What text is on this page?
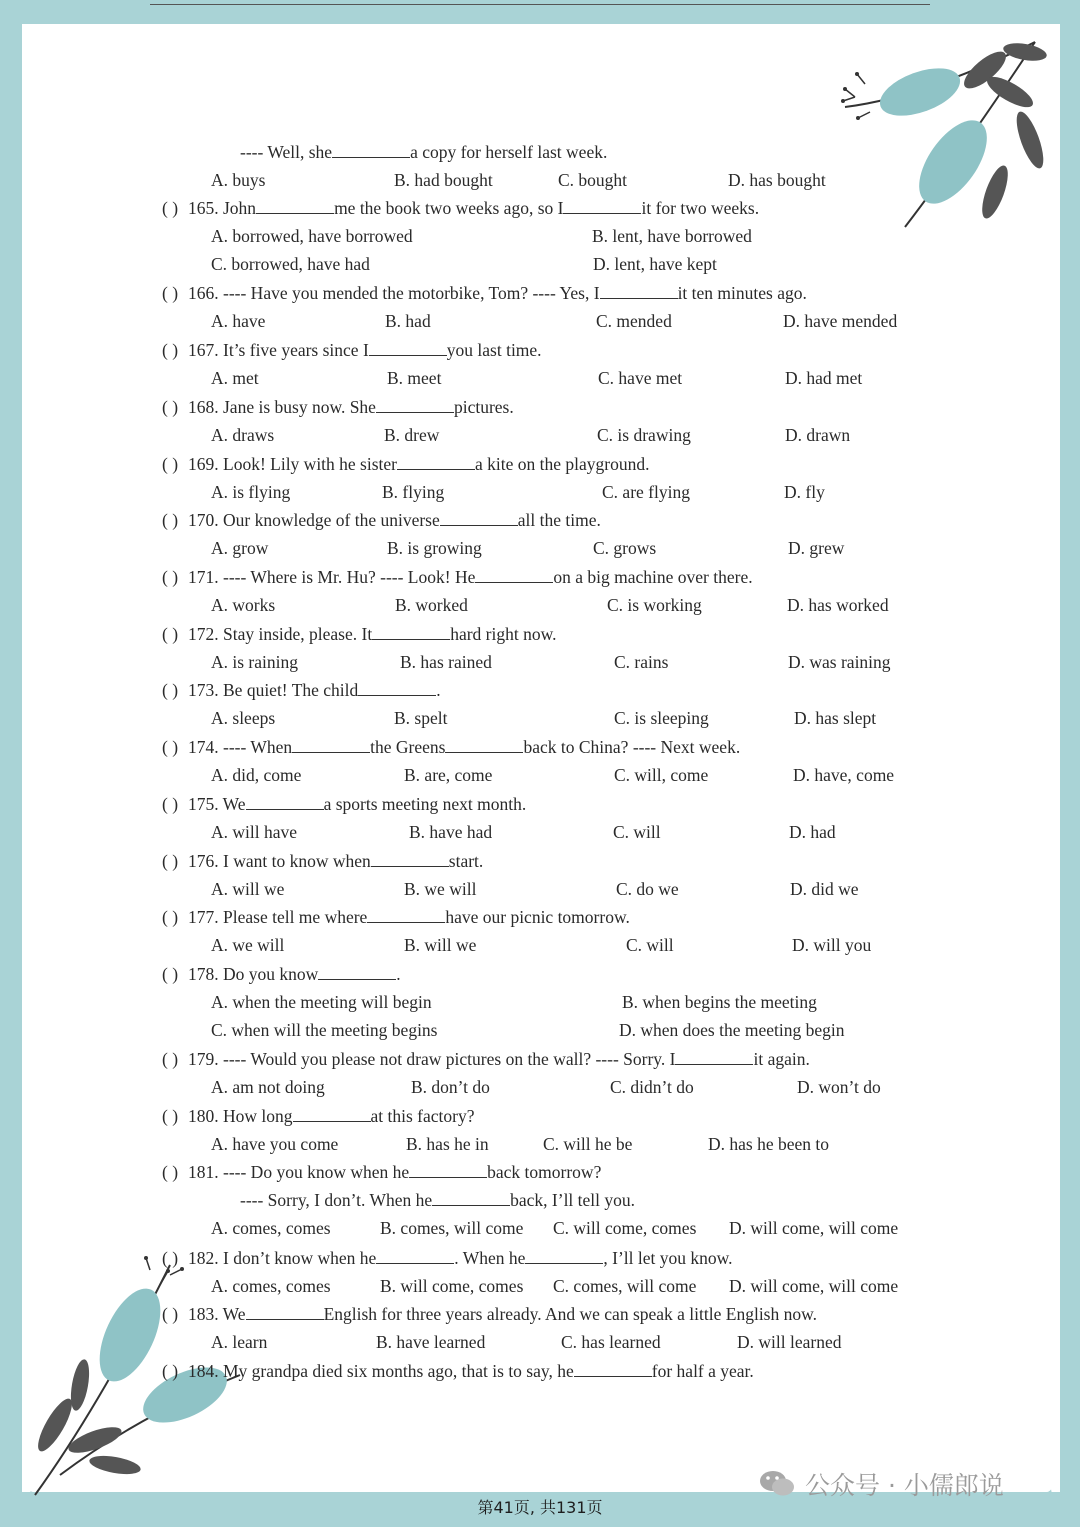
---- Well, she	a copy for herself last week.
A. buys	B. had bought	C. bought	D. has bought
( ) 165. John	me the book two weeks ago, so I	it for two weeks.
A. borrowed, have borrowed	B. lent, have borrowed
C. borrowed, have had	D. lent, have kept
( ) 166. ---- Have you mended the motorbike, Tom? ---- Yes, I	it ten minutes ago.
A. have	B. had	C. mended	D. have mended
( ) 167. It’s five years since I	you last time.
A. met	B. meet	C. have met	D. had met
( ) 168. Jane is busy now. She	pictures.
A. draws	B. drew	C. is drawing	D. drawn
( ) 169. Look! Lily with he sister	a kite on the playground.
A. is flying	B. flying	C. are flying	D. fly
( ) 170. Our knowledge of the universe	all the time.
A. grow	B. is growing	C. grows	D. grew
( ) 171. ---- Where is Mr. Hu? ---- Look! He	on a big machine over there.
A. works	B. worked	C. is working	D. has worked
( ) 172. Stay inside, please. It	hard right now.
A. is raining	B. has rained	C. rains	D. was raining
( ) 173. Be quiet! The child	.
A. sleeps	B. spelt	C. is sleeping	D. has slept
( ) 174. ---- When	the Greens	back to China? ---- Next week.
A. did, come	B. are, come	C. will, come	D. have, come
( ) 175. We	a sports meeting next month.
A. will have	B. have had	C. will	D. had
( ) 176. I want to know when	start.
A. will we	B. we will	C. do we	D. did we
( ) 177. Please tell me where	have our picnic tomorrow.
A. we will	B. will we	C. will	D. will you
( ) 178. Do you know	.
A. when the meeting will begin	B. when begins the meeting
C. when will the meeting begins	D. when does the meeting begin
( ) 179. ---- Would you please not draw pictures on the wall? ---- Sorry. I	it again.
A. am not doing	B. don’t do	C. didn’t do	D. won’t do
( ) 180. How long	at this factory?
A. have you come	B. has he in	C. will he be	D. has he been to
( ) 181. ---- Do you know when he	back tomorrow?
---- Sorry, I don’t. When he	back, I’ll tell you.
A. comes, comes	B. comes, will come C. will come, comes D. will come, will come
( ) 182. I don’t know when he	. When he	, I’ll let you know.
A. comes, comes	B. will come, comes C. comes, will come D. will come, will come
( ) 183. We	English for three years already. And we can speak a little English now.
A. learn	B. have learned	C. has learned	D. will learned
( ) 184. My grandpa died six months ago, that is to say, he	for half a year.
第41页, 共131页
公众号 · 小儒郎说
